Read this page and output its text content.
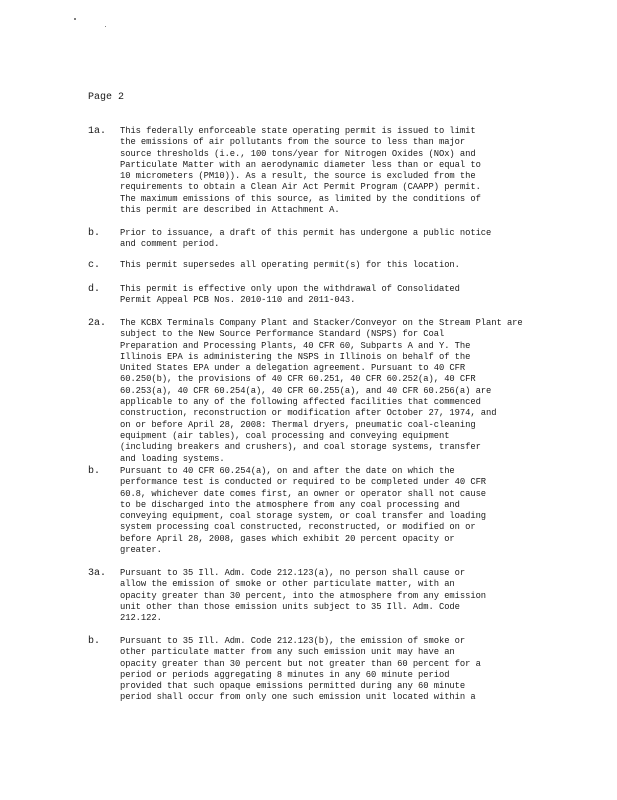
Page 2
1a.	This federally enforceable state operating permit is issued to limit
the emissions of air pollutants from the source to less than major
source thresholds (i.e., 100 tons/year for Nitrogen Oxides (NOx) and
Particulate Matter with an aerodynamic diameter less than or equal to
10 micrometers (PM10)). As a result, the source is excluded from the
requirements to obtain a Clean Air Act Permit Program (CAAPP) permit.
The maximum emissions of this source, as limited by the conditions of
this permit are described in Attachment A.
b.	Prior to issuance, a draft of this permit has undergone a public notice
and comment period.
c.	This permit supersedes all operating permit(s) for this location.
d.	This permit is effective only upon the withdrawal of Consolidated
Permit Appeal PCB Nos. 2010-110 and 2011-043.
2a.	The KCBX Terminals Company Plant and Stacker/Conveyor on the Stream Plant are
subject to the New Source Performance Standard (NSPS) for Coal
Preparation and Processing Plants, 40 CFR 60, Subparts A and Y. The
Illinois EPA is administering the NSPS in Illinois on behalf of the
United States EPA under a delegation agreement. Pursuant to 40 CFR
60.250(b), the provisions of 40 CFR 60.251, 40 CFR 60.252(a), 40 CFR
60.253(a), 40 CFR 60.254(a), 40 CFR 60.255(a), and 40 CFR 60.256(a) are
applicable to any of the following affected facilities that commenced
construction, reconstruction or modification after October 27, 1974, and
on or before April 28, 2008: Thermal dryers, pneumatic coal-cleaning
equipment (air tables), coal processing and conveying equipment
(including breakers and crushers), and coal storage systems, transfer
and loading systems.
b.	Pursuant to 40 CFR 60.254(a), on and after the date on which the
performance test is conducted or required to be completed under 40 CFR
60.8, whichever date comes first, an owner or operator shall not cause
to be discharged into the atmosphere from any coal processing and
conveying equipment, coal storage system, or coal transfer and loading
system processing coal constructed, reconstructed, or modified on or
before April 28, 2008, gases which exhibit 20 percent opacity or
greater.
3a.	Pursuant to 35 Ill. Adm. Code 212.123(a), no person shall cause or
allow the emission of smoke or other particulate matter, with an
opacity greater than 30 percent, into the atmosphere from any emission
unit other than those emission units subject to 35 Ill. Adm. Code
212.122.
b.	Pursuant to 35 Ill. Adm. Code 212.123(b), the emission of smoke or
other particulate matter from any such emission unit may have an
opacity greater than 30 percent but not greater than 60 percent for a
period or periods aggregating 8 minutes in any 60 minute period
provided that such opaque emissions permitted during any 60 minute
period shall occur from only one such emission unit located within a
